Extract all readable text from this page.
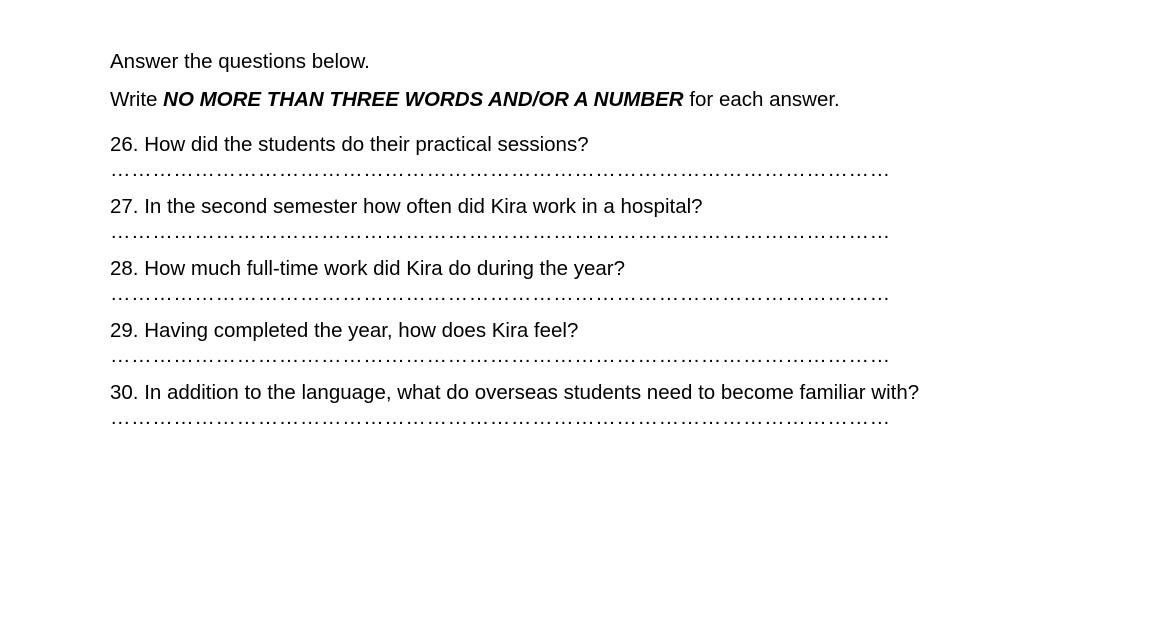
Answer the questions below.
Write NO MORE THAN THREE WORDS AND/OR A NUMBER for each answer.
26. How did the students do their practical sessions?
…………………………………………………………………………………………………
27. In the second semester how often did Kira work in a hospital?
…………………………………………………………………………………………………
28. How much full-time work did Kira do during the year?
…………………………………………………………………………………………………
29. Having completed the year, how does Kira feel?
…………………………………………………………………………………………………
30. In addition to the language, what do overseas students need to become familiar with?
…………………………………………………………………………………………………
